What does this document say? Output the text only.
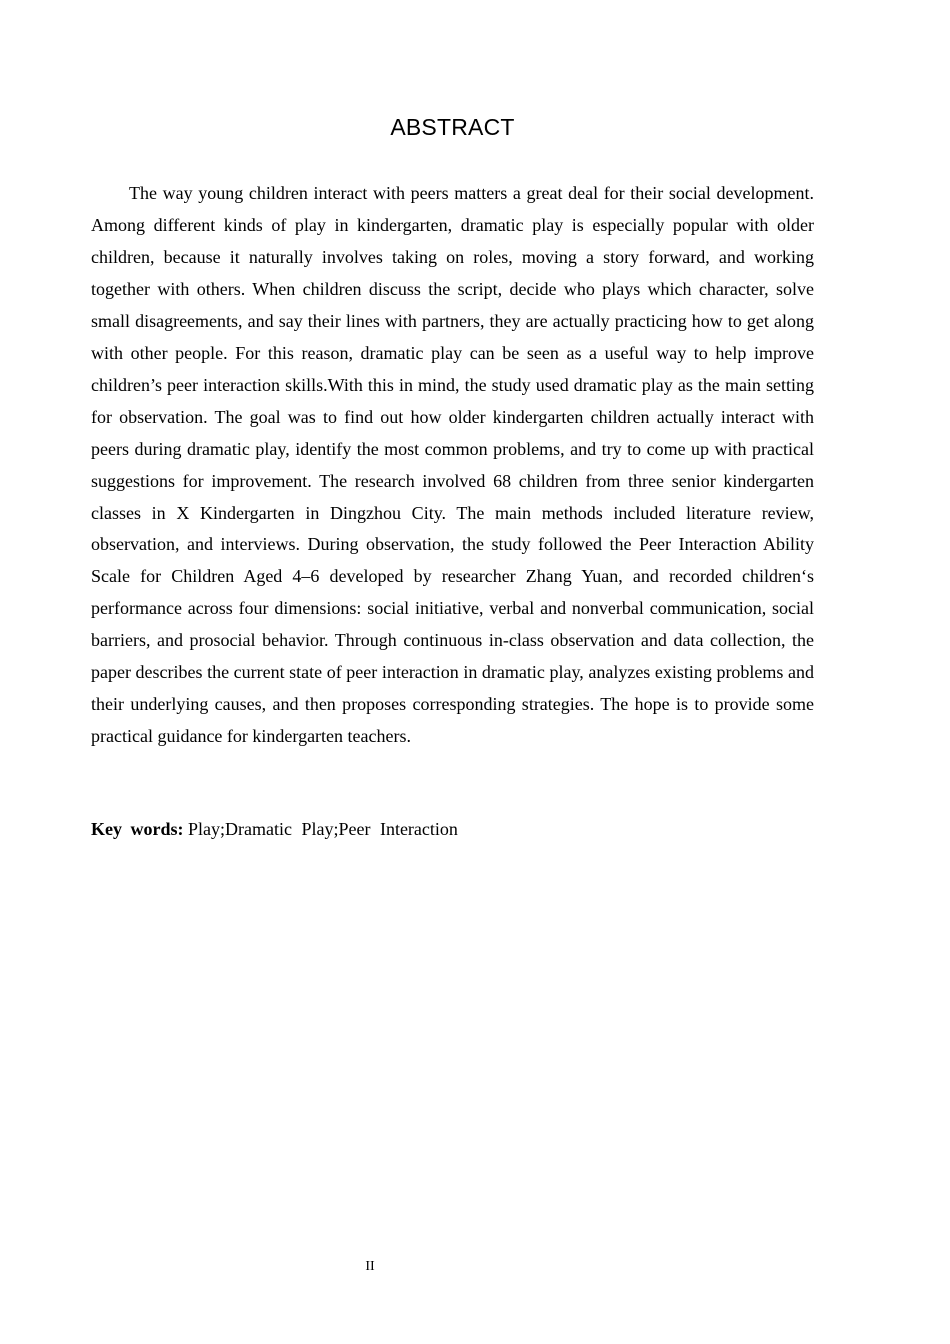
ABSTRACT

The way young children interact with peers matters a great deal for their social development. Among different kinds of play in kindergarten, dramatic play is especially popular with older children, because it naturally involves taking on roles, moving a story forward, and working together with others. When children discuss the script, decide who plays which character, solve small disagreements, and say their lines with partners, they are actually practicing how to get along with other people. For this reason, dramatic play can be seen as a useful way to help improve children’s peer interaction skills.With this in mind, the study used dramatic play as the main setting for observation. The goal was to find out how older kindergarten children actually interact with peers during dramatic play, identify the most common problems, and try to come up with practical suggestions for improvement. The research involved 68 children from three senior kindergarten classes in X Kindergarten in Dingzhou City. The main methods included literature review, observation, and interviews. During observation, the study followed the Peer Interaction Ability Scale for Children Aged 4–6 developed by researcher Zhang Yuan, and recorded children‘s performance across four dimensions: social initiative, verbal and nonverbal communication, social barriers, and prosocial behavior. Through continuous in-class observation and data collection, the paper describes the current state of peer interaction in dramatic play, analyzes existing problems and their underlying causes, and then proposes corresponding strategies. The hope is to provide some practical guidance for kindergarten teachers.

Key words: Play;Dramatic Play;Peer Interaction

II
